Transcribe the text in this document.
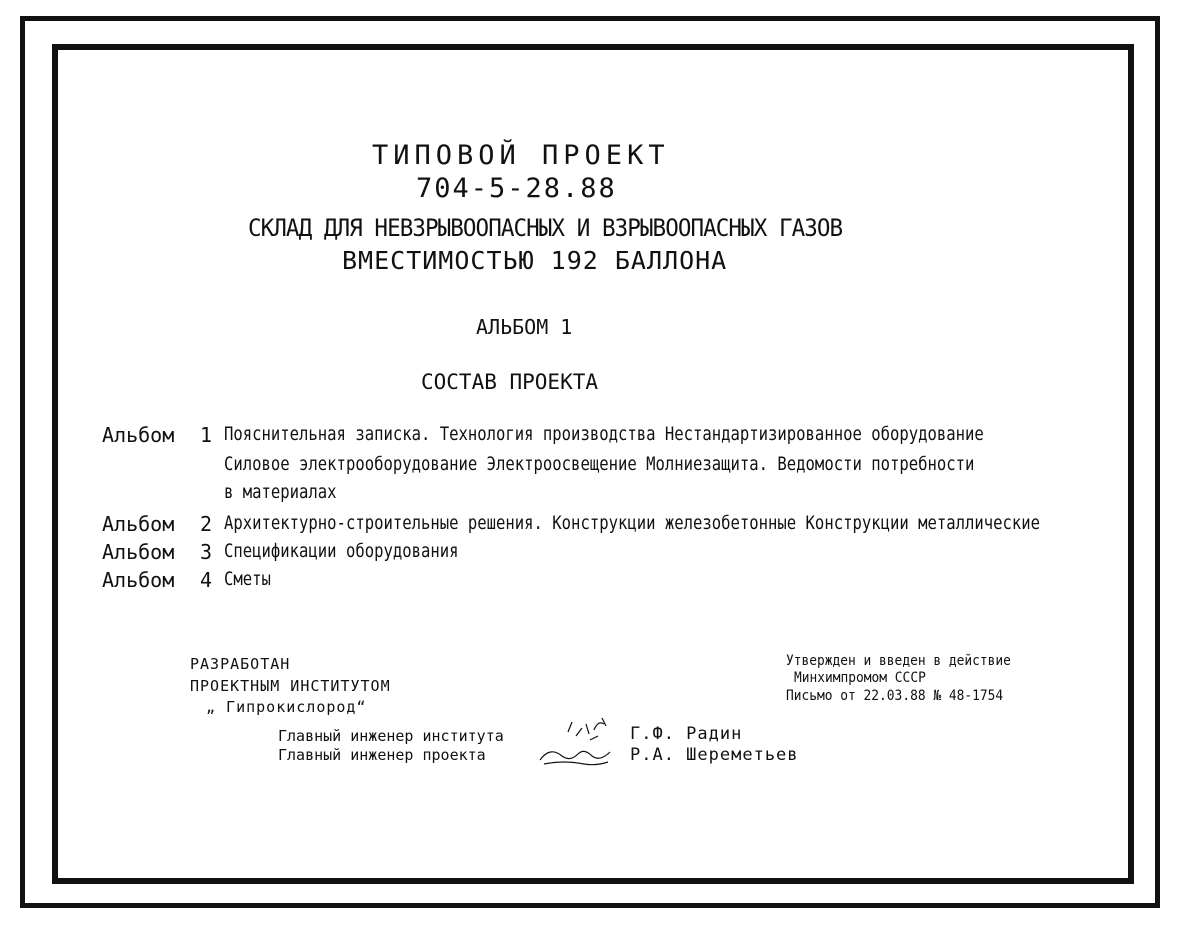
ТИПОВОЙ ПРОЕКТ
704-5-28.88
СКЛАД ДЛЯ НЕВЗРЫВООПАСНЫХ И ВЗРЫВООПАСНЫХ ГАЗОВ
ВМЕСТИМОСТЬЮ 192 БАЛЛОНА
АЛЬБОМ 1
СОСТАВ ПРОЕКТА
Альбом 1 Пояснительная записка. Технология производства Нестандартизированное оборудование
Силовое электрооборудование Электроосвещение Молниезащита. Ведомости потребности
в материалах
Альбом 2 Архитектурно-строительные решения. Конструкции железобетонные Конструкции металлические
Альбом 3 Спецификации оборудования
Альбом 4 Сметы
РАЗРАБОТАН
ПРОЕКТНЫМ ИНСТИТУТОМ
„ Гипрокислород“
Утвержден и введен в действие
Минхимпромом СССР
Письмо от 22.03.88 № 48-1754
Главный инженер института	Г.Ф. Радин
Главный инженер проекта	Р.А. Шереметьев
